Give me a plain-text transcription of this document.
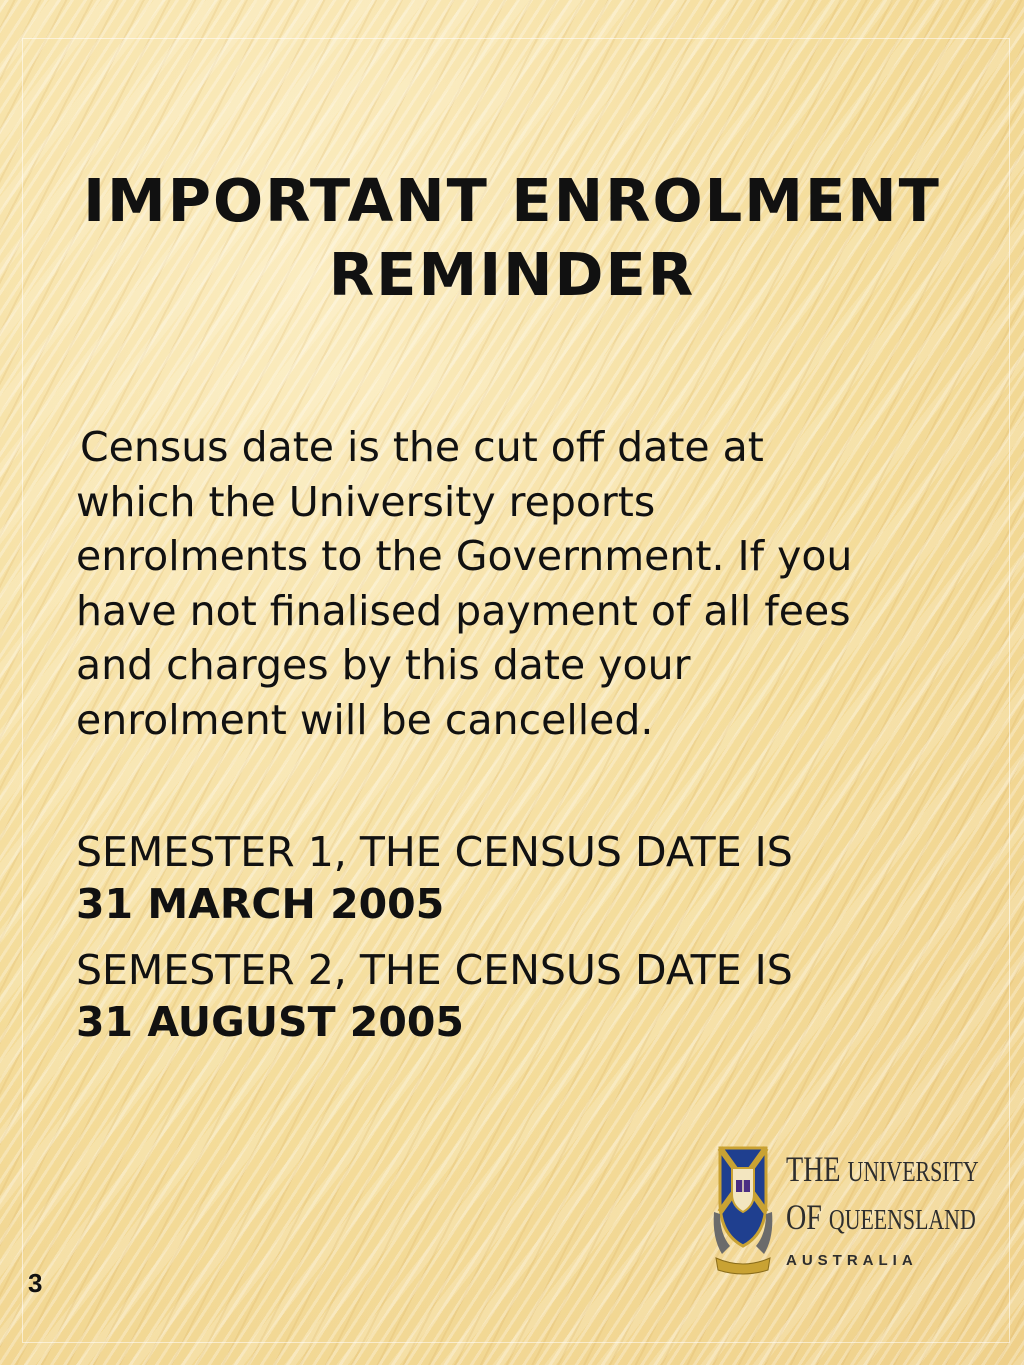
IMPORTANT ENROLMENT
REMINDER

Census date is the cut off date at
which the University reports
enrolments to the Government. If you
have not finalised payment of all fees
and charges by this date your
enrolment will be cancelled.

SEMESTER 1, THE CENSUS DATE IS
31 MARCH 2005

SEMESTER 2, THE CENSUS DATE IS
31 AUGUST 2005

THE UNIVERSITY
OF QUEENSLAND
AUSTRALIA
3
